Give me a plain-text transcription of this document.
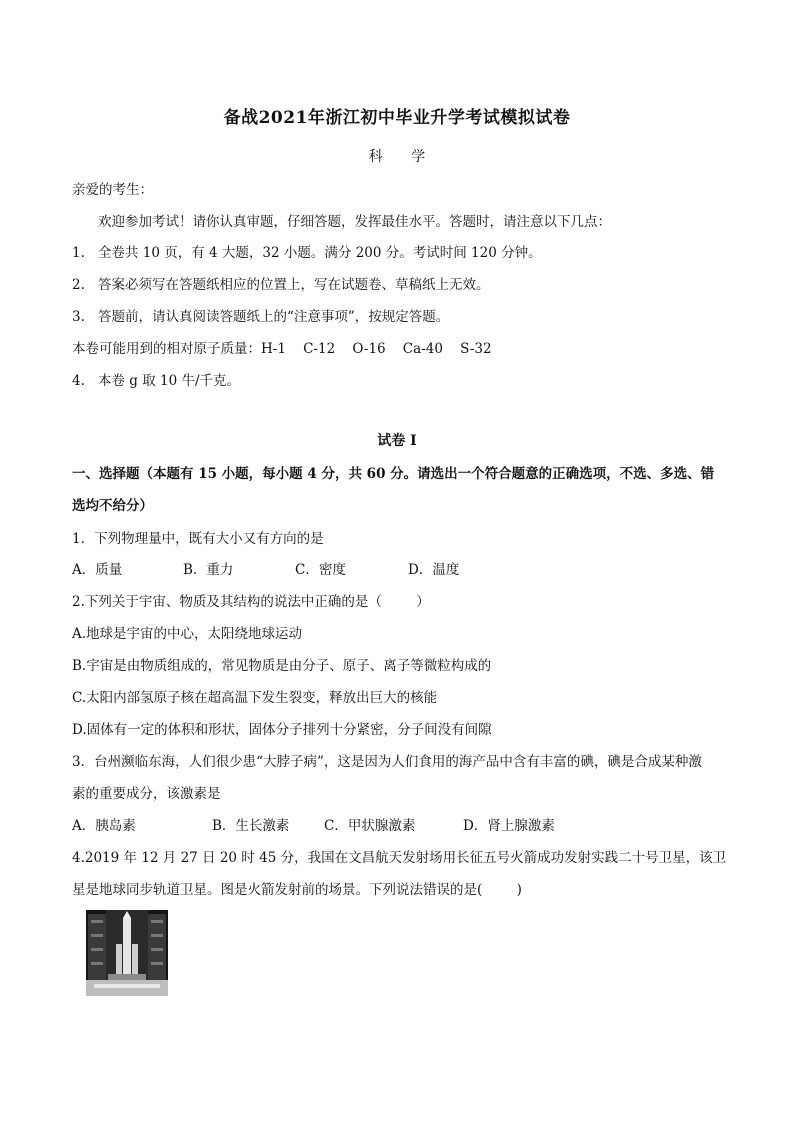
备战2021年浙江初中毕业升学考试模拟试卷
科 学
亲爱的考生：
欢迎参加考试！请你认真审题，仔细答题，发挥最佳水平。答题时，请注意以下几点：
1. 全卷共 10 页，有 4 大题，32 小题。满分 200 分。考试时间 120 分钟。
2. 答案必须写在答题纸相应的位置上，写在试题卷、草稿纸上无效。
3. 答题前，请认真阅读答题纸上的“注意事项”，按规定答题。
本卷可能用到的相对原子质量：H-1    C-12    O-16    Ca-40    S-32
4. 本卷 g 取 10 牛/千克。
试卷 I
一、选择题（本题有 15 小题，每小题 4 分，共 60 分。请选出一个符合题意的正确选项，不选、多选、错
选均不给分）
1．下列物理量中，既有大小又有方向的是
A．质量	B．重力	C．密度	D．温度
2.下列关于宇宙、物质及其结构的说法中正确的是（        ）
A.地球是宇宙的中心，太阳绕地球运动
B.宇宙是由物质组成的，常见物质是由分子、原子、离子等微粒构成的
C.太阳内部氢原子核在超高温下发生裂变，释放出巨大的核能
D.固体有一定的体积和形状，固体分子排列十分紧密，分子间没有间隙
3．台州濒临东海，人们很少患“大脖子病”，这是因为人们食用的海产品中含有丰富的碘，碘是合成某种激
素的重要成分，该激素是
A．胰岛素	B．生长激素	C．甲状腺激素	D．肾上腺激素
4.2019 年 12 月 27 日 20 时 45 分，我国在文昌航天发射场用长征五号火箭成功发射实践二十号卫星，该卫
星是地球同步轨道卫星。图是火箭发射前的场景。下列说法错误的是(        )
